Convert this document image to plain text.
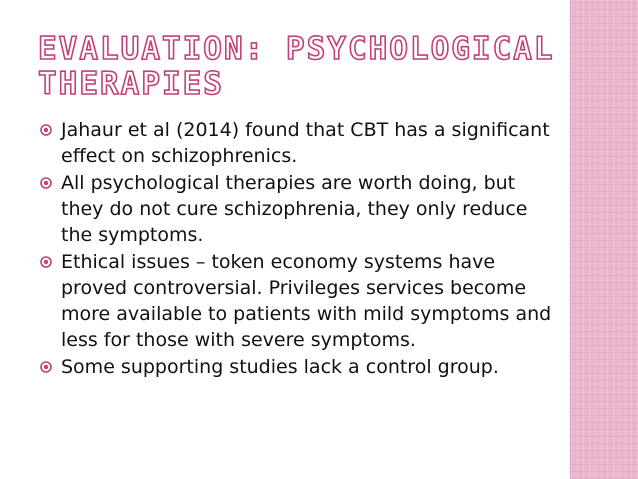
EVALUATION: PSYCHOLOGICAL
THERAPIES
Jahaur et al (2014) found that CBT has a significant effect on schizophrenics.
All psychological therapies are worth doing, but they do not cure schizophrenia, they only reduce the symptoms.
Ethical issues – token economy systems have proved controversial. Privileges services become more available to patients with mild symptoms and less for those with severe symptoms.
Some supporting studies lack a control group.
